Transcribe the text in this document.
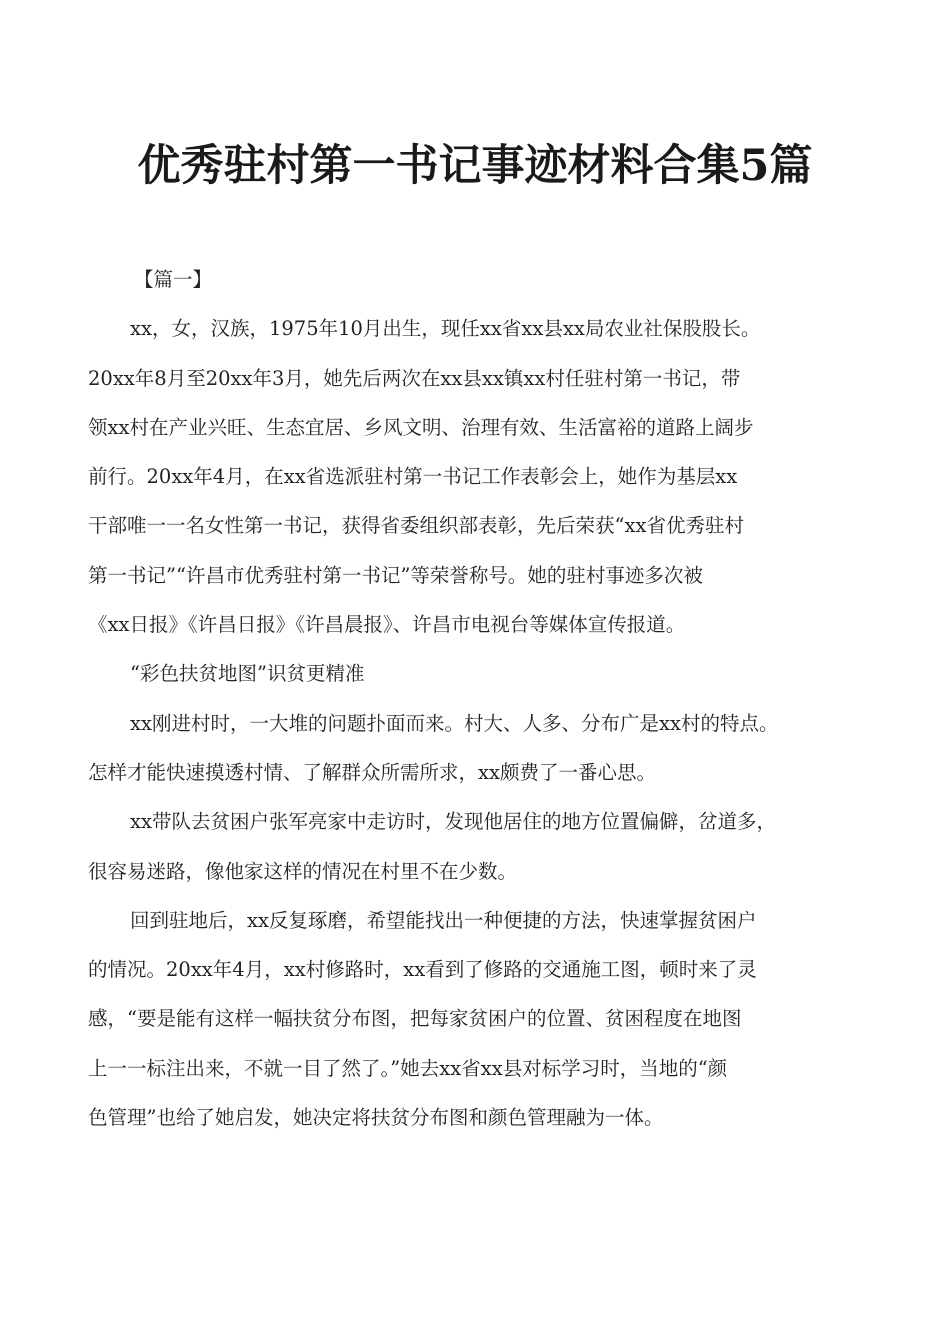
优秀驻村第一书记事迹材料合集5篇
【篇一】
xx，女，汉族，1975年10月出生，现任xx省xx县xx局农业社保股股长。
20xx年8月至20xx年3月，她先后两次在xx县xx镇xx村任驻村第一书记，带
领xx村在产业兴旺、生态宜居、乡风文明、治理有效、生活富裕的道路上阔步
前行。20xx年4月，在xx省选派驻村第一书记工作表彰会上，她作为基层xx
干部唯一一名女性第一书记，获得省委组织部表彰，先后荣获“xx省优秀驻村
第一书记”“许昌市优秀驻村第一书记”等荣誉称号。她的驻村事迹多次被
《xx日报》《许昌日报》《许昌晨报》、许昌市电视台等媒体宣传报道。
“彩色扶贫地图”识贫更精准
xx刚进村时，一大堆的问题扑面而来。村大、人多、分布广是xx村的特点。
怎样才能快速摸透村情、了解群众所需所求，xx颇费了一番心思。
xx带队去贫困户张军亮家中走访时，发现他居住的地方位置偏僻，岔道多，
很容易迷路，像他家这样的情况在村里不在少数。
回到驻地后，xx反复琢磨，希望能找出一种便捷的方法，快速掌握贫困户
的情况。20xx年4月，xx村修路时，xx看到了修路的交通施工图，顿时来了灵
感，“要是能有这样一幅扶贫分布图，把每家贫困户的位置、贫困程度在地图
上一一标注出来，不就一目了然了。”她去xx省xx县对标学习时，当地的“颜
色管理”也给了她启发，她决定将扶贫分布图和颜色管理融为一体。
